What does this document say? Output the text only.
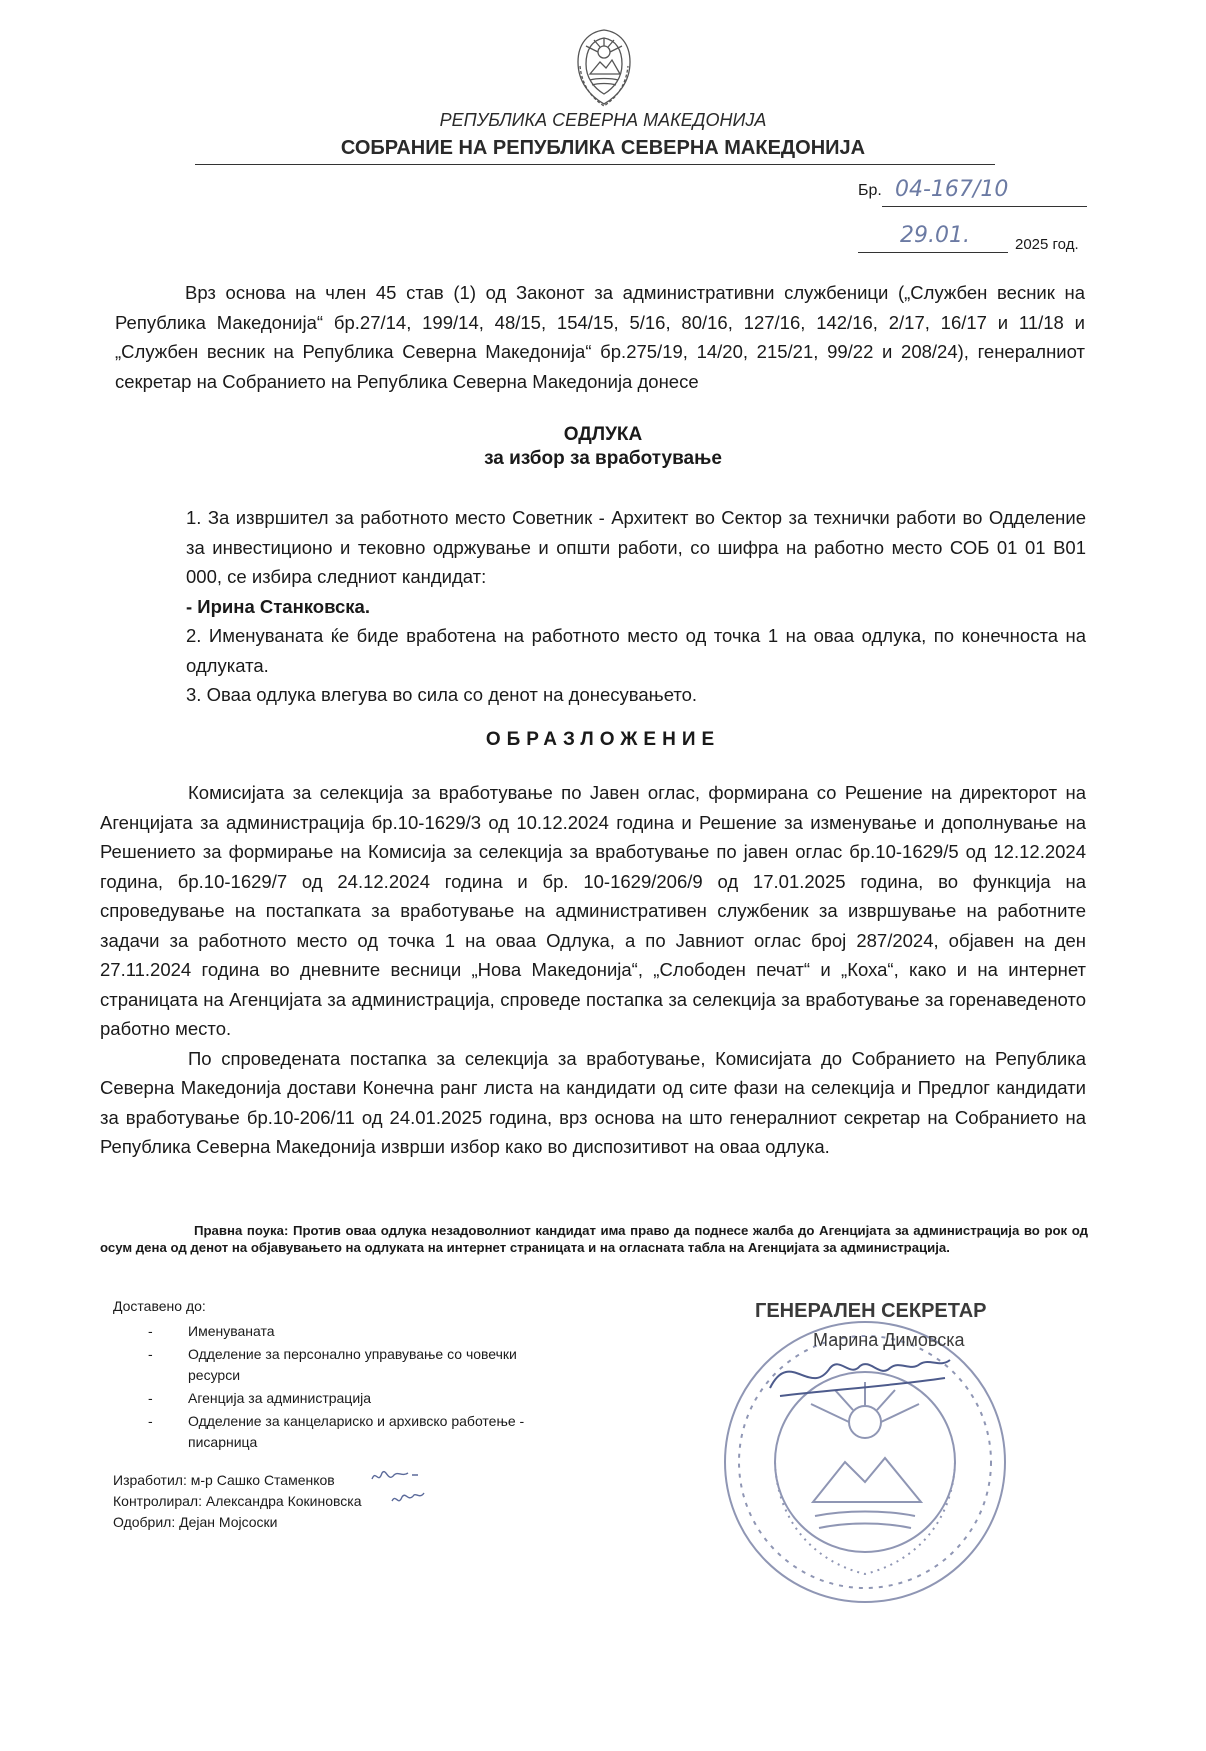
РЕПУБЛИКА СЕВЕРНА МАКЕДОНИЈА
СОБРАНИЕ НА РЕПУБЛИКА СЕВЕРНА МАКЕДОНИЈА
Бр. 04-167/10
29.01.	2025 год.
Врз основа на член 45 став (1) од Законот за административни службеници („Службен весник на Република Македонија“ бр.27/14, 199/14, 48/15, 154/15, 5/16, 80/16, 127/16, 142/16, 2/17, 16/17 и 11/18 и „Службен весник на Република Северна Македонија“ бр.275/19, 14/20, 215/21, 99/22 и 208/24), генералниот секретар на Собранието на Република Северна Македонија донесе
ОДЛУКА
за избор за вработување
1. За извршител за работното место Советник - Архитект во Сектор за технички работи во Одделение за инвестиционо и тековно одржување и општи работи, со шифра на работно место СОБ 01 01 В01 000, се избира следниот кандидат:
- Ирина Станковска.
2. Именуваната ќе биде вработена на работното место од точка 1 на оваа одлука, по конечноста на одлуката.
3. Оваа одлука влегува во сила со денот на донесувањето.
ОБРАЗЛОЖЕНИЕ
Комисијата за селекција за вработување по Јавен оглас, формирана со Решение на директорот на Агенцијата за администрација бр.10-1629/3 од 10.12.2024 година и Решение за изменување и дополнување на Решението за формирање на Комисија за селекција за вработување по јавен оглас бр.10-1629/5 од 12.12.2024 година, бр.10-1629/7 од 24.12.2024 година и бр. 10-1629/206/9 од 17.01.2025 година, во функција на спроведување на постапката за вработување на административен службеник за извршување на работните задачи за работното место од точка 1 на оваа Одлука, а по Јавниот оглас број 287/2024, објавен на ден 27.11.2024 година во дневните весници „Нова Македонија“, „Слободен печат“ и „Коха“, како и на интернет страницата на Агенцијата за администрација, спроведе постапка за селекција за вработување за горенаведеното работно место.
По спроведената постапка за селекција за вработување, Комисијата до Собранието на Република Северна Македонија достави Конечна ранг листа на кандидати од сите фази на селекција и Предлог кандидати за вработување бр.10-206/11 од 24.01.2025 година, врз основа на што генералниот секретар на Собранието на Република Северна Македонија изврши избор како во диспозитивот на оваа одлука.
Правна поука: Против оваа одлука незадоволниот кандидат има право да поднесе жалба до Агенцијата за администрација во рок од осум дена од денот на објавувањето на одлуката на интернет страницата и на огласната табла на Агенцијата за администрација.
Доставено до:
-	Именуваната
-	Одделение за персонално управување со човечки ресурси
-	Агенција за администрација
-	Одделение за канцелариско и архивско работење - писарница
Изработил: м-р Сашко Стаменков
Контролирал: Александра Кокиновска
Одобрил: Дејан Мојсоски
ГЕНЕРАЛЕН СЕКРЕТАР
Марина Димовска
